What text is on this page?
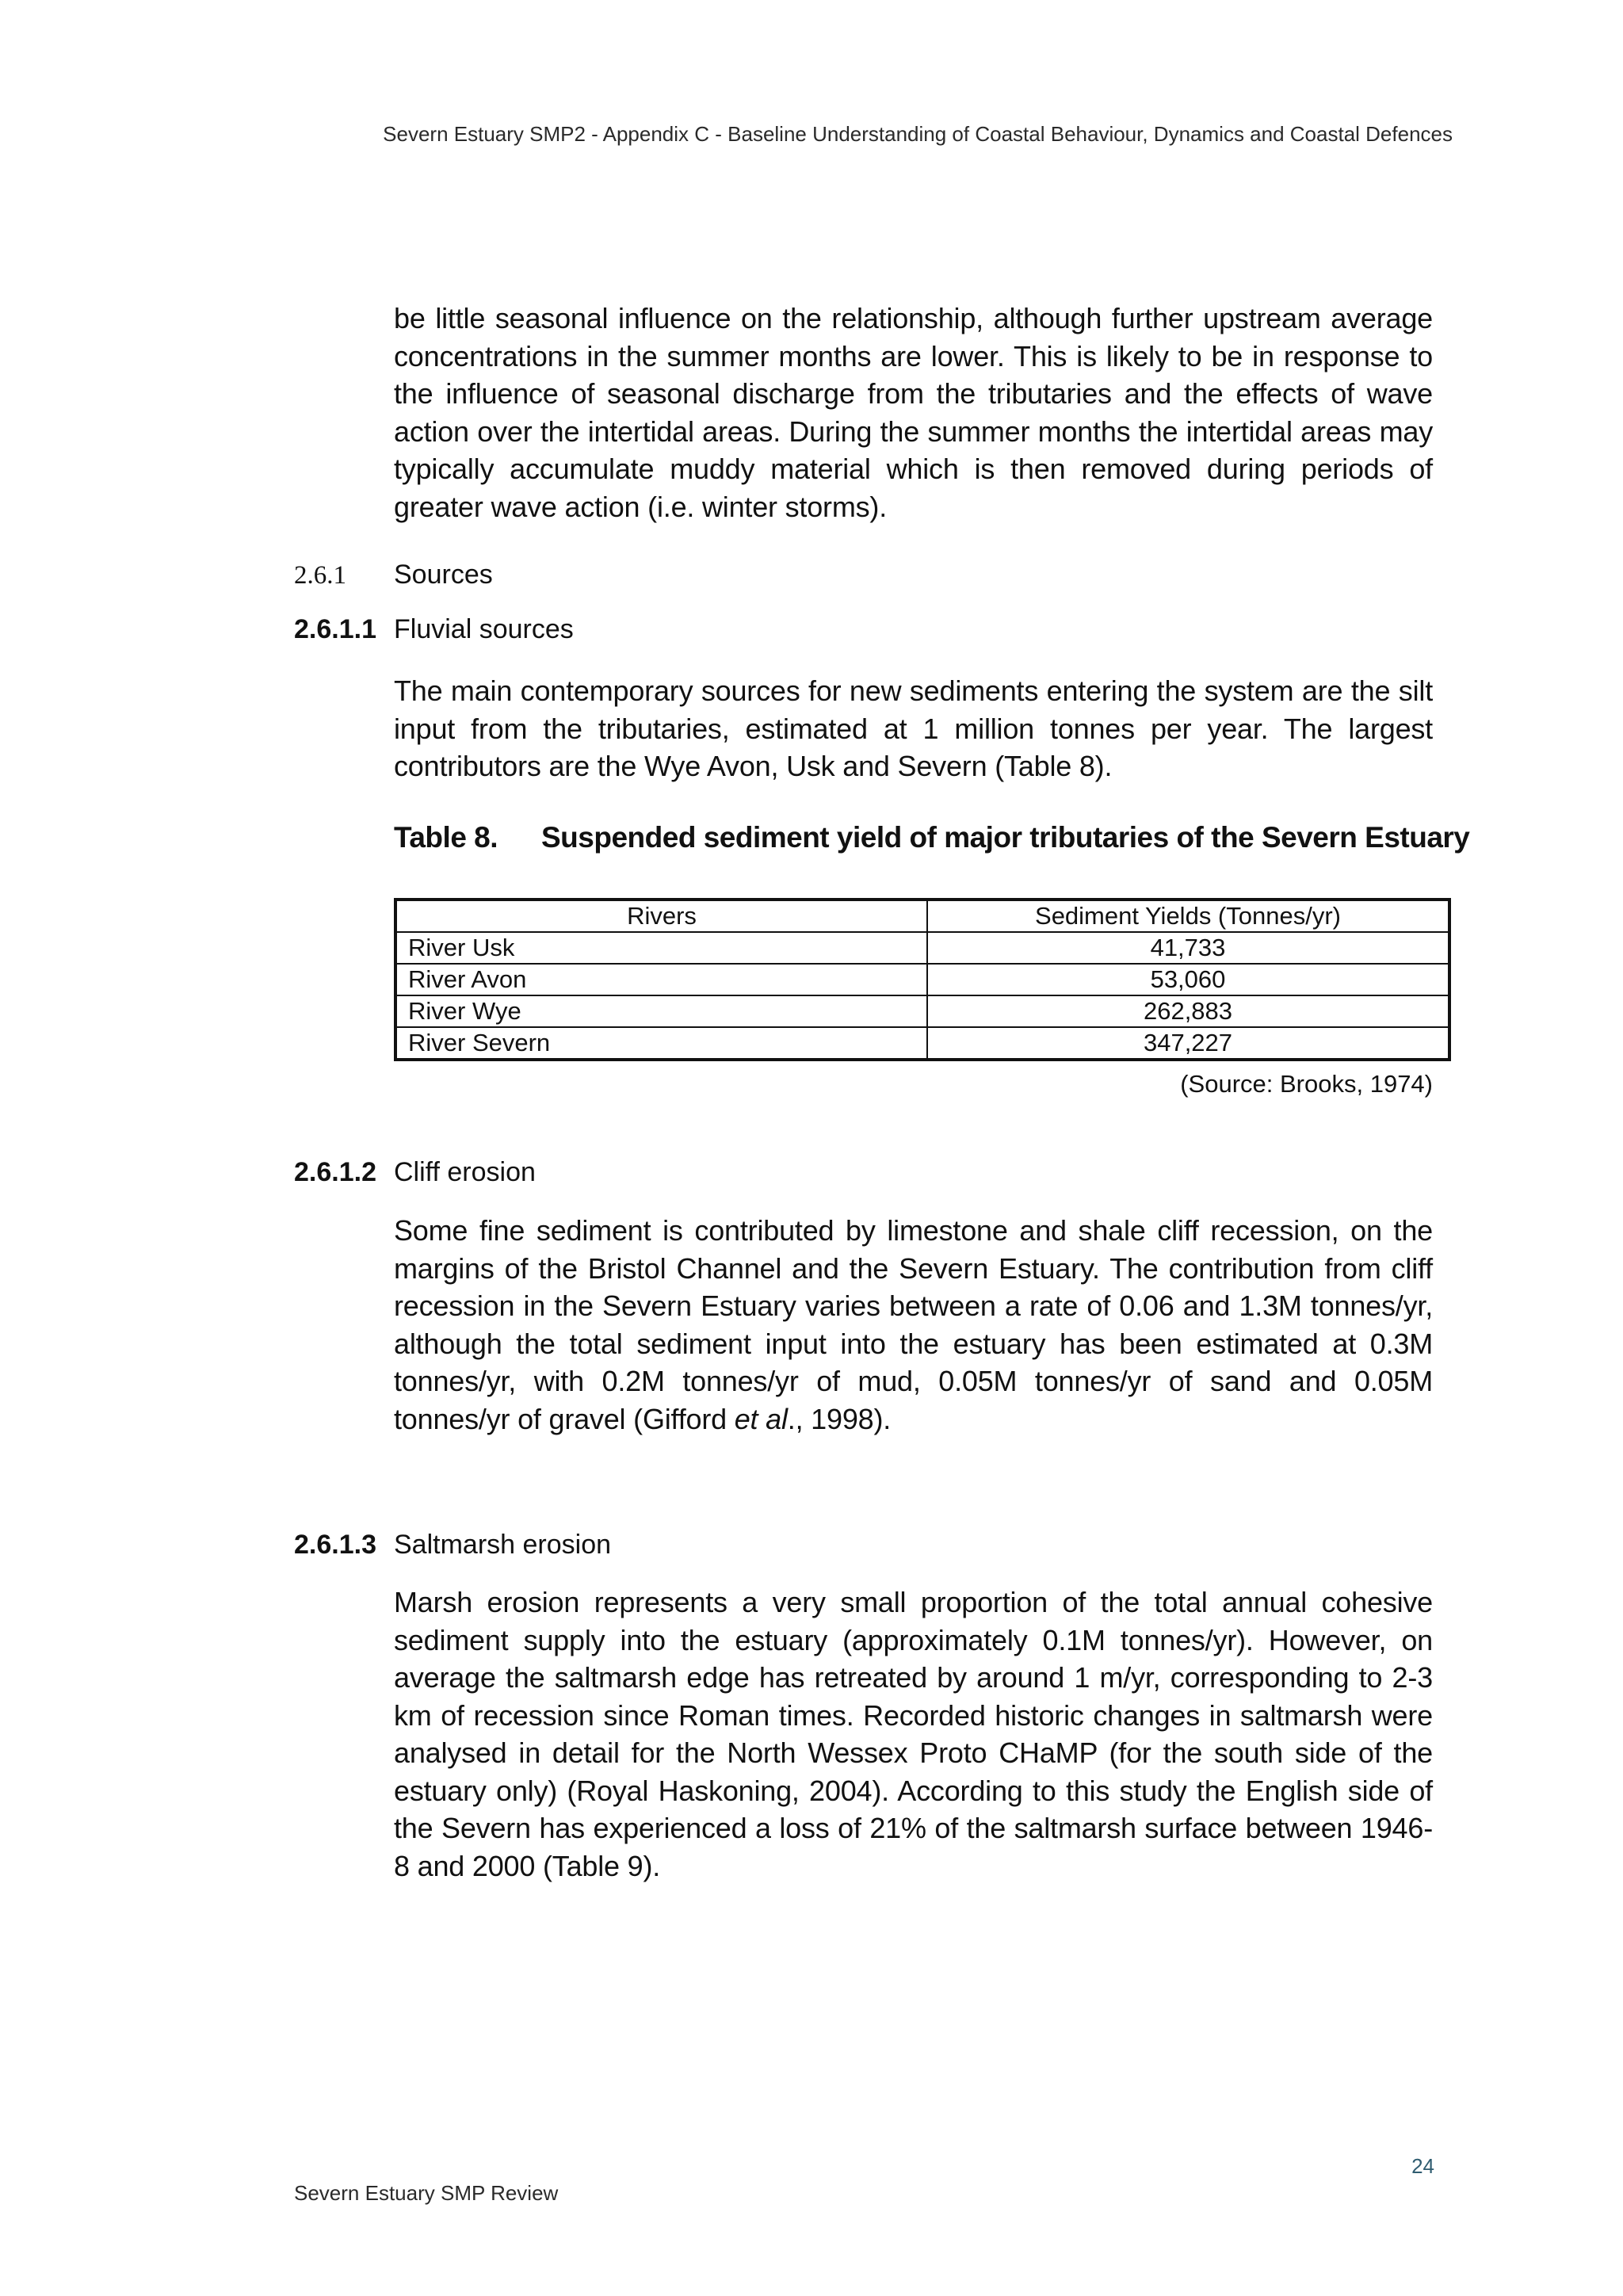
Severn Estuary SMP2 - Appendix C - Baseline Understanding of Coastal Behaviour, Dynamics and Coastal Defences

be little seasonal influence on the relationship, although further upstream average concentrations in the summer months are lower. This is likely to be in response to the influence of seasonal discharge from the tributaries and the effects of wave action over the intertidal areas. During the summer months the intertidal areas may typically accumulate muddy material which is then removed during periods of greater wave action (i.e. winter storms).

2.6.1 Sources
2.6.1.1 Fluvial sources

The main contemporary sources for new sediments entering the system are the silt input from the tributaries, estimated at 1 million tonnes per year. The largest contributors are the Wye Avon, Usk and Severn (Table 8).

Table 8. Suspended sediment yield of major tributaries of the Severn Estuary
Rivers	Sediment Yields (Tonnes/yr)
River Usk	41,733
River Avon	53,060
River Wye	262,883
River Severn	347,227
(Source: Brooks, 1974)
2.6.1.2 Cliff erosion

Some fine sediment is contributed by limestone and shale cliff recession, on the margins of the Bristol Channel and the Severn Estuary. The contribution from cliff recession in the Severn Estuary varies between a rate of 0.06 and 1.3M tonnes/yr, although the total sediment input into the estuary has been estimated at 0.3M tonnes/yr, with 0.2M tonnes/yr of mud, 0.05M tonnes/yr of sand and 0.05M tonnes/yr of gravel (Gifford et al., 1998).

2.6.1.3 Saltmarsh erosion

Marsh erosion represents a very small proportion of the total annual cohesive sediment supply into the estuary (approximately 0.1M tonnes/yr). However, on average the saltmarsh edge has retreated by around 1 m/yr, corresponding to 2-3 km of recession since Roman times. Recorded historic changes in saltmarsh were analysed in detail for the North Wessex Proto CHaMP (for the south side of the estuary only) (Royal Haskoning, 2004). According to this study the English side of the Severn has experienced a loss of 21% of the saltmarsh surface between 1946-8 and 2000 (Table 9).

24
Severn Estuary SMP Review
